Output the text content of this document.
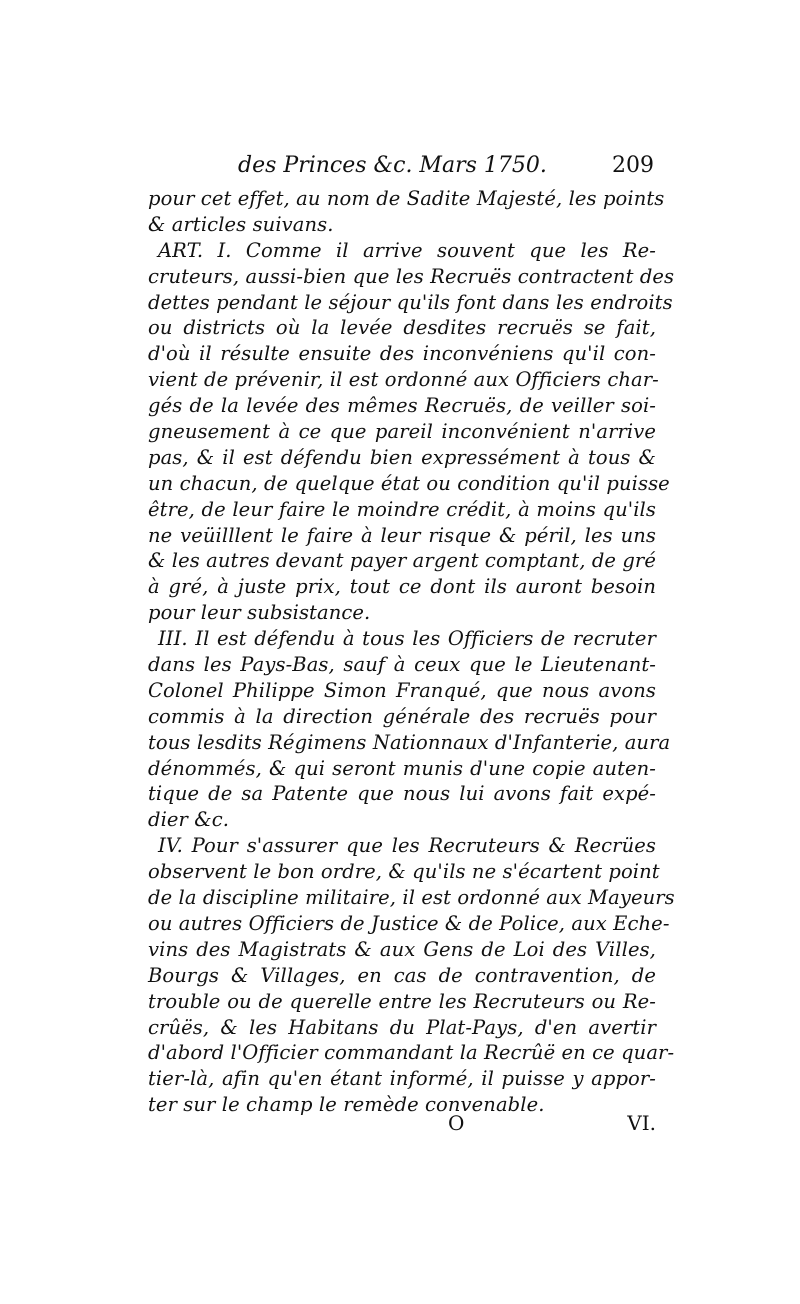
des Princes &c. Mars 1750.	209
pour cet effet, au nom de Sadite Majesté, les points
& articles suivans.
ART. I. Comme il arrive souvent que les Re-
cruteurs, aussi-bien que les Recruës contractent des
dettes pendant le séjour qu'ils font dans les endroits
ou districts où la levée desdites recruës se fait,
d'où il résulte ensuite des inconvéniens qu'il con-
vient de prévenir, il est ordonné aux Officiers char-
gés de la levée des mêmes Recruës, de veiller soi-
gneusement à ce que pareil inconvénient n'arrive
pas, & il est défendu bien expressément à tous &
un chacun, de quelque état ou condition qu'il puisse
être, de leur faire le moindre crédit, à moins qu'ils
ne veüilllent le faire à leur risque & péril, les uns
& les autres devant payer argent comptant, de gré
à gré, à juste prix, tout ce dont ils auront besoin
pour leur subsistance.
III. Il est défendu à tous les Officiers de recruter
dans les Pays-Bas, sauf à ceux que le Lieutenant-
Colonel Philippe Simon Franqué, que nous avons
commis à la direction générale des recruës pour
tous lesdits Régimens Nationnaux d'Infanterie, aura
dénommés, & qui seront munis d'une copie auten-
tique de sa Patente que nous lui avons fait expé-
dier &c.
IV. Pour s'assurer que les Recruteurs & Recrües
observent le bon ordre, & qu'ils ne s'écartent point
de la discipline militaire, il est ordonné aux Mayeurs
ou autres Officiers de Justice & de Police, aux Eche-
vins des Magistrats & aux Gens de Loi des Villes,
Bourgs & Villages, en cas de contravention, de
trouble ou de querelle entre les Recruteurs ou Re-
crûës, & les Habitans du Plat-Pays, d'en avertir
d'abord l'Officier commandant la Recrûë en ce quar-
tier-là, afin qu'en étant informé, il puisse y appor-
ter sur le champ le remède convenable.
O	VI.
